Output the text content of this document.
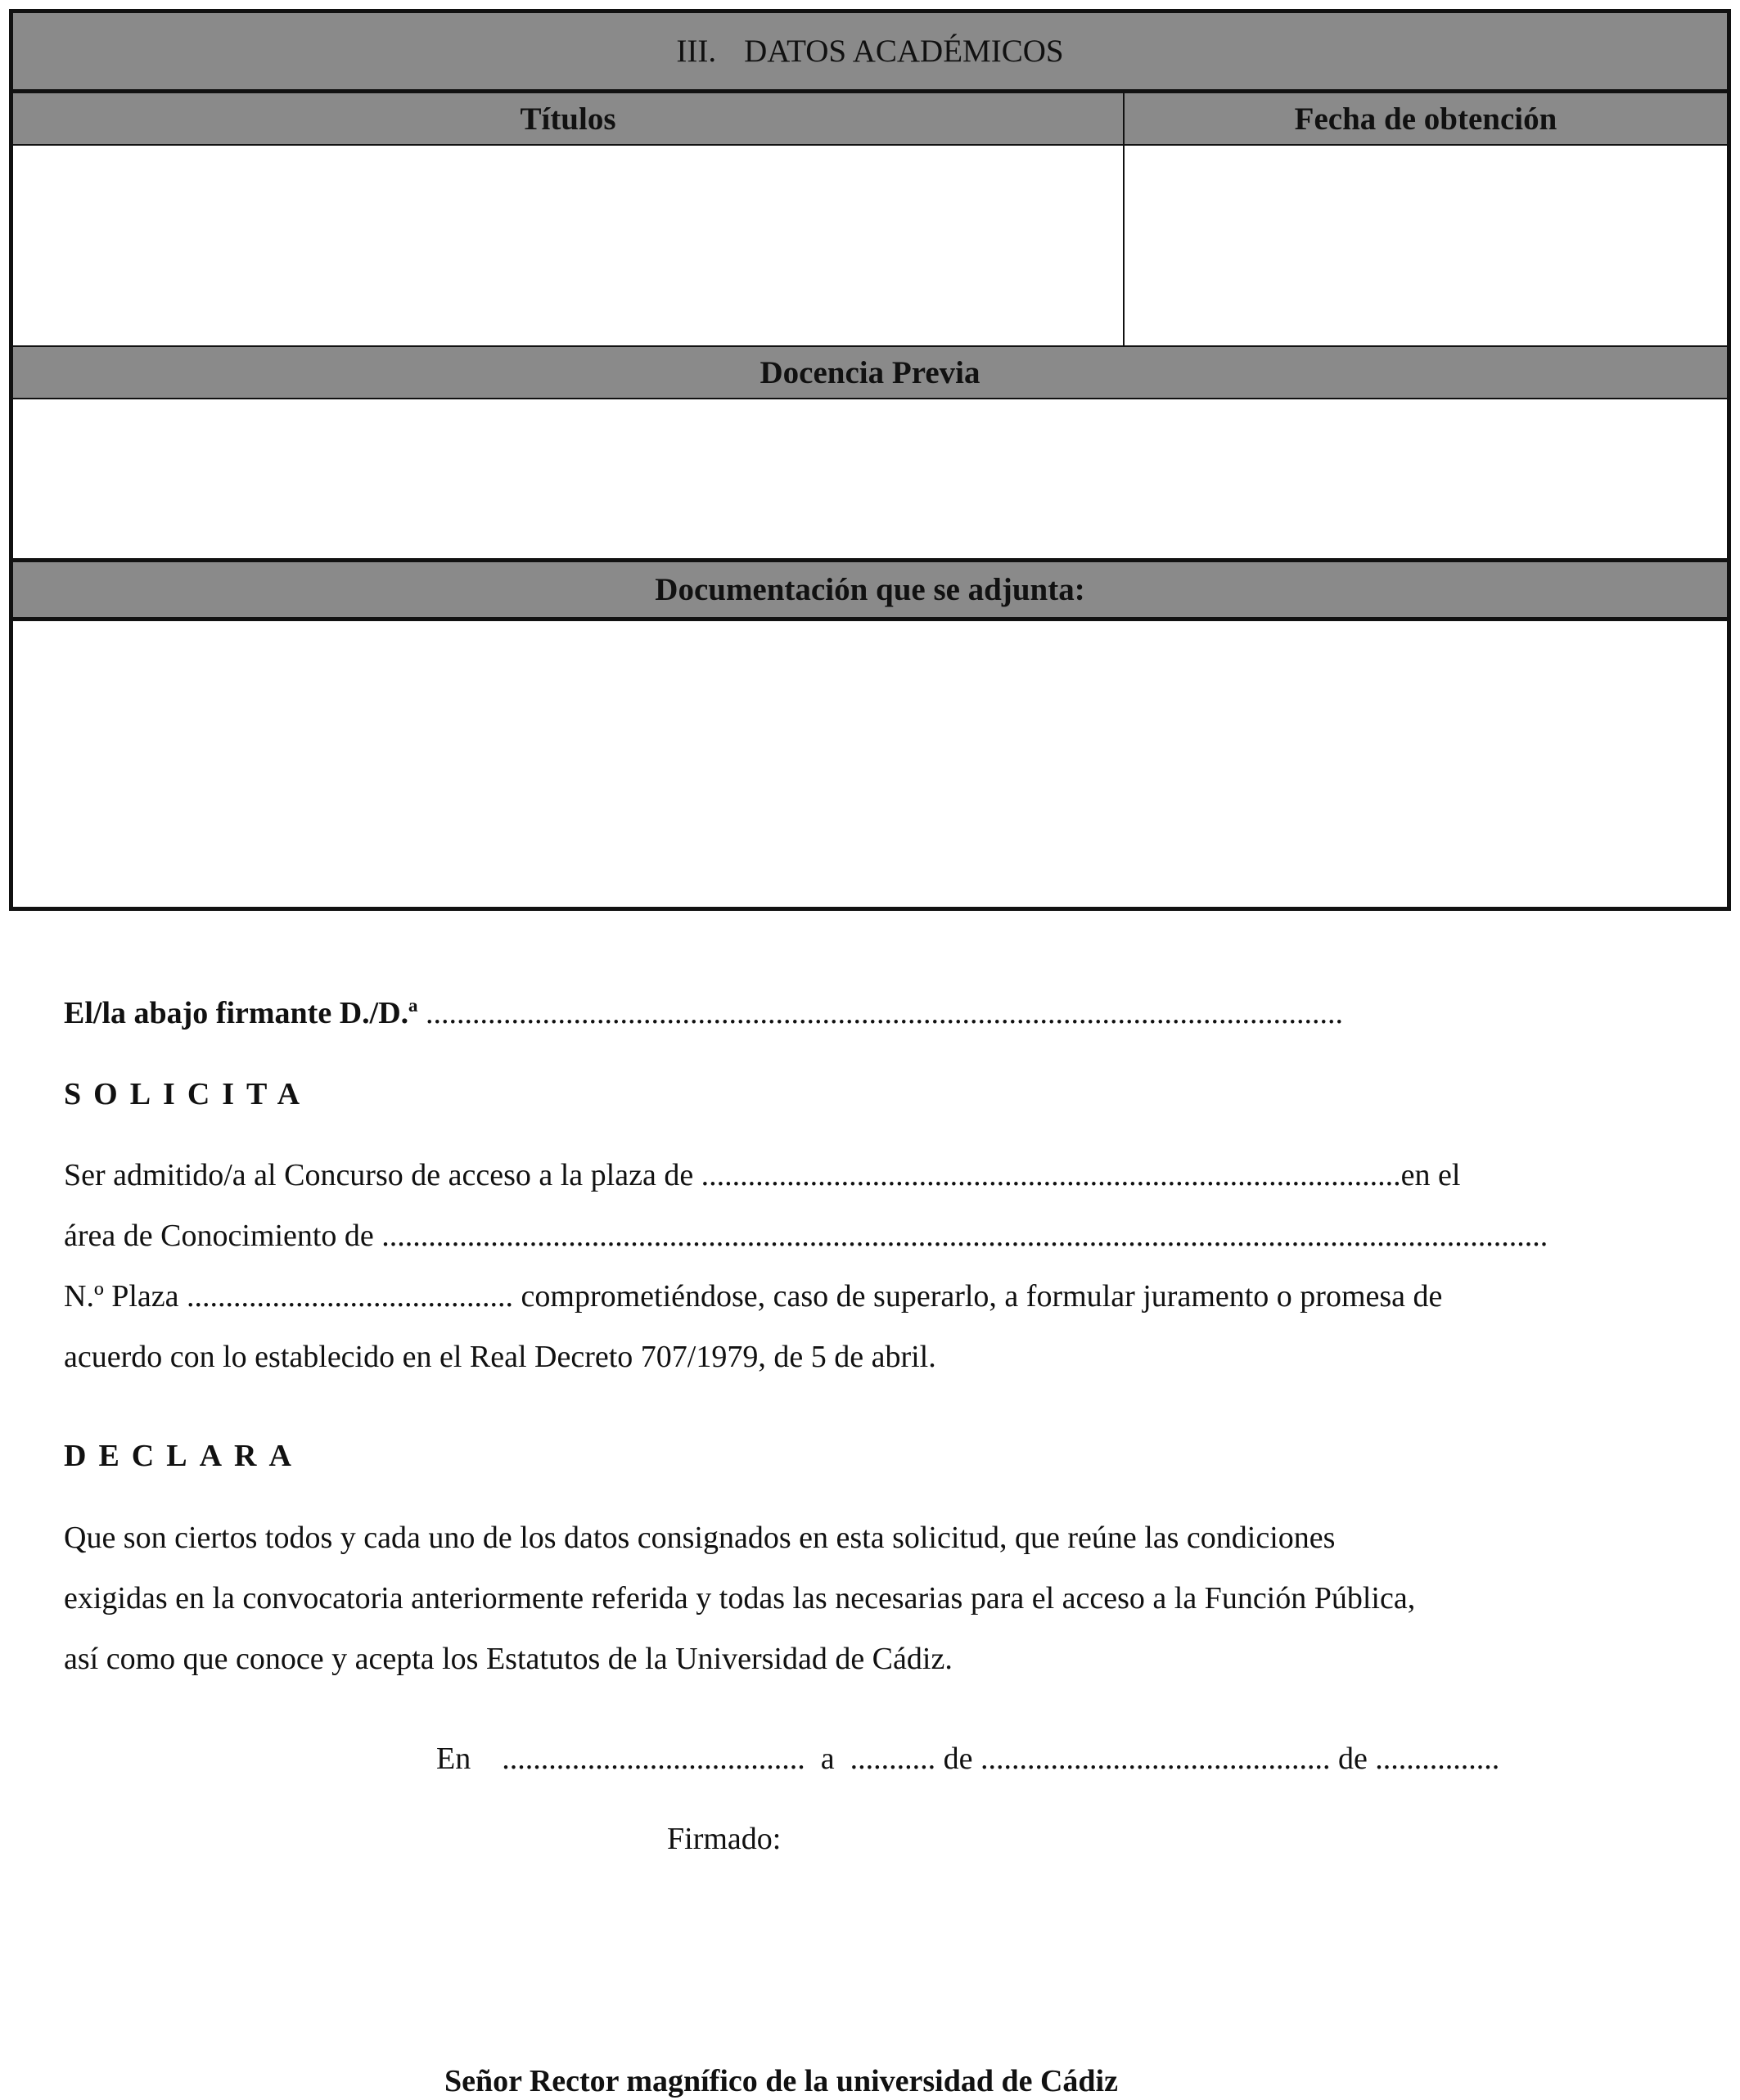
III. DATOS ACADÉMICOS
Títulos	Fecha de obtención
Docencia Previa
Documentación que se adjunta:
El/la abajo firmante D./D.ª ......................................................................................................................
SOLICITA
Ser admitido/a al Concurso de acceso a la plaza de ..........................................................................................en el
área de Conocimiento de ......................................................................................................................................................
N.º Plaza .......................................... comprometiéndose, caso de superarlo, a formular juramento o promesa de
acuerdo con lo establecido en el Real Decreto 707/1979, de 5 de abril.
DECLARA
Que son ciertos todos y cada uno de los datos consignados en esta solicitud, que reúne las condiciones
exigidas en la convocatoria anteriormente referida y todas las necesarias para el acceso a la Función Pública,
así como que conoce y acepta los Estatutos de la Universidad de Cádiz.
En    .......................................  a  ........... de ............................................. de ................
Firmado:
Señor Rector magnífico de la universidad de Cádiz
